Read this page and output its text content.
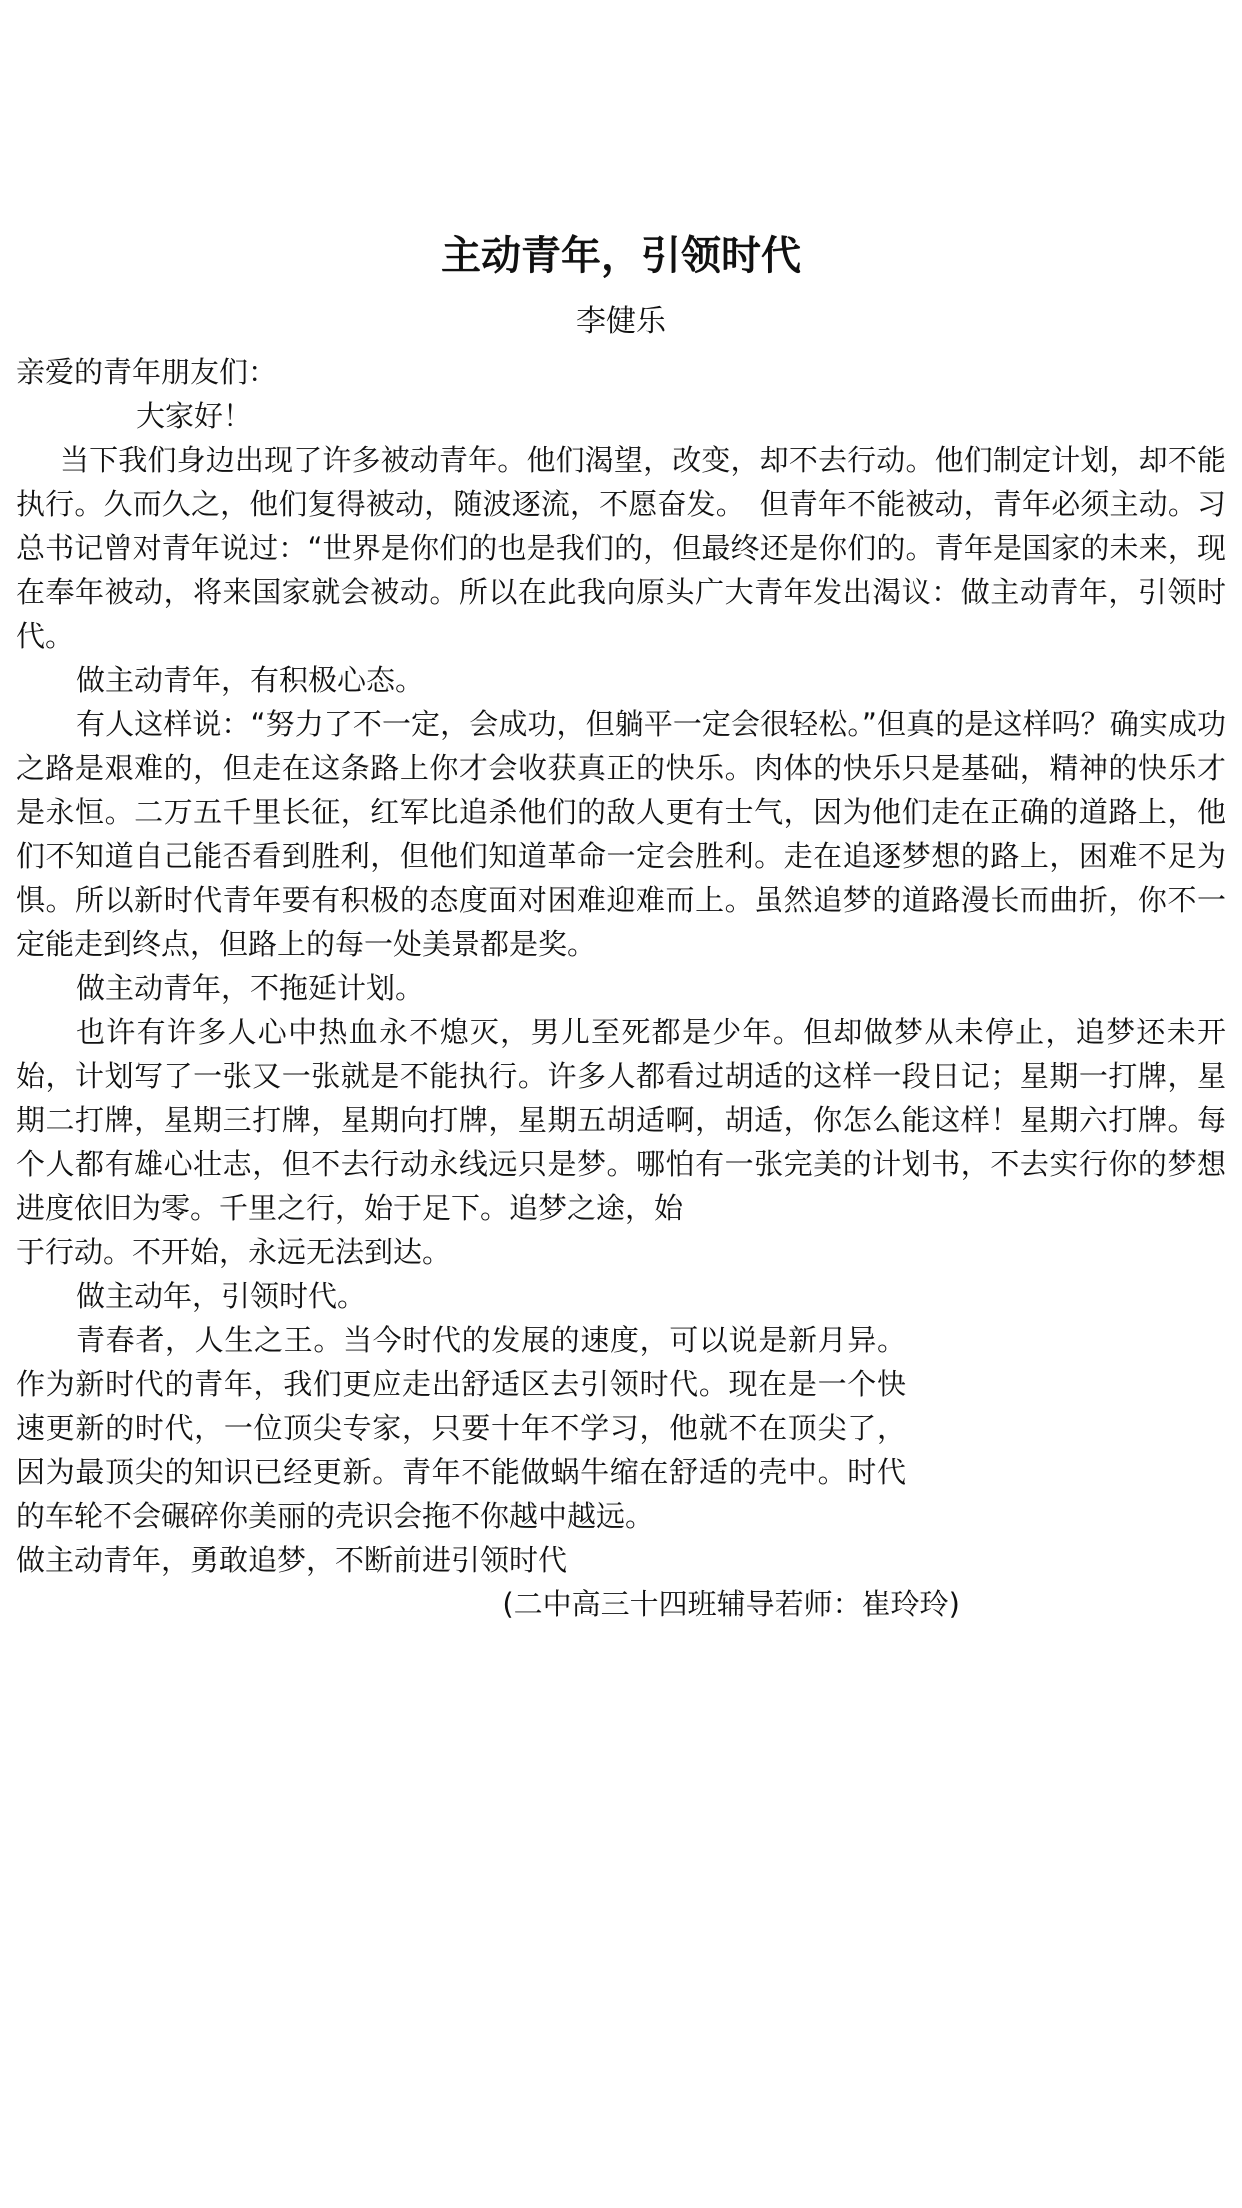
主动青年，引领时代
李健乐

亲爱的青年朋友们：

大家好！

当下我们身边出现了许多被动青年。他们渴望，改变，却不去行动。他们制定计划，却不能执行。久而久之，他们复得被动，随波逐流，不愿奋发。　但青年不能被动，青年必须主动。习总书记曾对青年说过：“世界是你们的也是我们的，但最终还是你们的。青年是国家的未来，现在奉年被动，将来国家就会被动。所以在此我向原头广大青年发出渴议：做主动青年，引领时代。

做主动青年，有积极心态。

有人这样说：“努力了不一定，会成功，但躺平一定会很轻松。”但真的是这样吗？确实成功之路是艰难的，但走在这条路上你才会收获真正的快乐。肉体的快乐只是基础，精神的快乐才是永恒。二万五千里长征，红军比追杀他们的敌人更有士气，因为他们走在正确的道路上，他们不知道自己能否看到胜利，但他们知道革命一定会胜利。走在追逐梦想的路上，困难不足为惧。所以新时代青年要有积极的态度面对困难迎难而上。虽然追梦的道路漫长而曲折，你不一定能走到终点，但路上的每一处美景都是奖。

做主动青年，不拖延计划。

也许有许多人心中热血永不熄灭，男儿至死都是少年。但却做梦从未停止，追梦还未开始，计划写了一张又一张就是不能执行。许多人都看过胡适的这样一段日记；星期一打牌，星期二打牌，星期三打牌，星期向打牌，星期五胡适啊，胡适，你怎么能这样！星期六打牌。每个人都有雄心壮志，但不去行动永线远只是梦。哪怕有一张完美的计划书，不去实行你的梦想进度依旧为零。千里之行，始于足下。追梦之途，始

于行动。不开始，永远无法到达。

做主动年，引领时代。

青春者，人生之王。当今时代的发展的速度，可以说是新月异。作为新时代的青年，我们更应走出舒适区去引领时代。现在是一个快速更新的时代，一位顶尖专家，只要十年不学习，他就不在顶尖了，因为最顶尖的知识已经更新。青年不能做蜗牛缩在舒适的壳中。时代的车轮不会碾碎你美丽的壳识会拖不你越中越远。

做主动青年，勇敢追梦，不断前进引领时代

(二中高三十四班辅导若师：崔玲玲)
